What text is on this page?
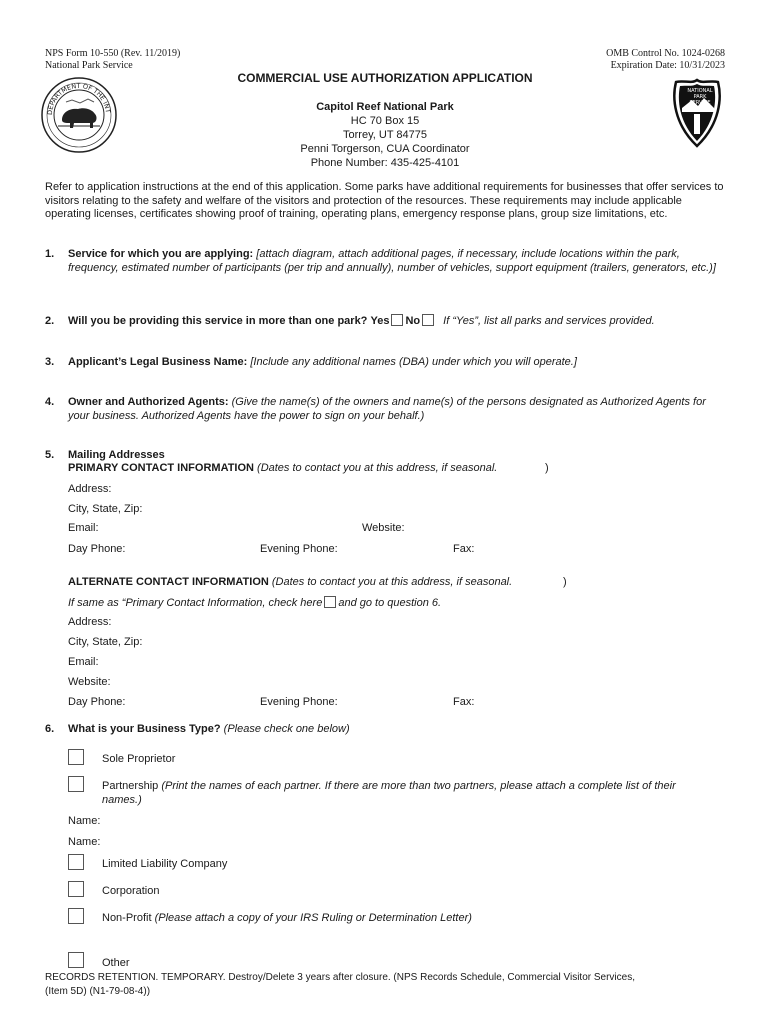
NPS Form 10-550 (Rev. 11/2019)
National Park Service
OMB Control No. 1024-0268
Expiration Date: 10/31/2023
DEPARTMENT OF THE INT
COMMERCIAL USE AUTHORIZATION APPLICATION
Capitol Reef National Park
HC 70 Box 15
Torrey, UT 84775
Penni Torgerson, CUA Coordinator
Phone Number: 435-425-4101
NATIONAL
PARK
SERVICE
Refer to application instructions at the end of this application. Some parks have additional requirements for businesses that offer services to visitors relating to the safety and welfare of the visitors and protection of the resources. These requirements may include applicable operating licenses, certificates showing proof of training, operating plans, emergency response plans, group size limitations, etc.
1. Service for which you are applying: [attach diagram, attach additional pages, if necessary, include locations within the park, frequency, estimated number of participants (per trip and annually), number of vehicles, support equipment (trailers, generators, etc.)]
2. Will you be providing this service in more than one park? Yes No If “Yes”, list all parks and services provided.
3. Applicant’s Legal Business Name: [Include any additional names (DBA) under which you will operate.]
4. Owner and Authorized Agents: (Give the name(s) of the owners and name(s) of the persons designated as Authorized Agents for your business. Authorized Agents have the power to sign on your behalf.)
5. Mailing Addresses
PRIMARY CONTACT INFORMATION (Dates to contact you at this address, if seasonal.	)
Address:
City, State, Zip:
Email:	Website:
Day Phone:	Evening Phone:	Fax:
ALTERNATE CONTACT INFORMATION (Dates to contact you at this address, if seasonal.	)
If same as “Primary Contact Information, check here and go to question 6.
Address:
City, State, Zip:
Email:
Website:
Day Phone:	Evening Phone:	Fax:
6. What is your Business Type? (Please check one below)
Sole Proprietor
Partnership (Print the names of each partner. If there are more than two partners, please attach a complete list of their names.)
Name:
Name:
Limited Liability Company
Corporation
Non-Profit (Please attach a copy of your IRS Ruling or Determination Letter)
Other
RECORDS RETENTION. TEMPORARY. Destroy/Delete 3 years after closure. (NPS Records Schedule, Commercial Visitor Services,
(Item 5D) (N1-79-08-4))
